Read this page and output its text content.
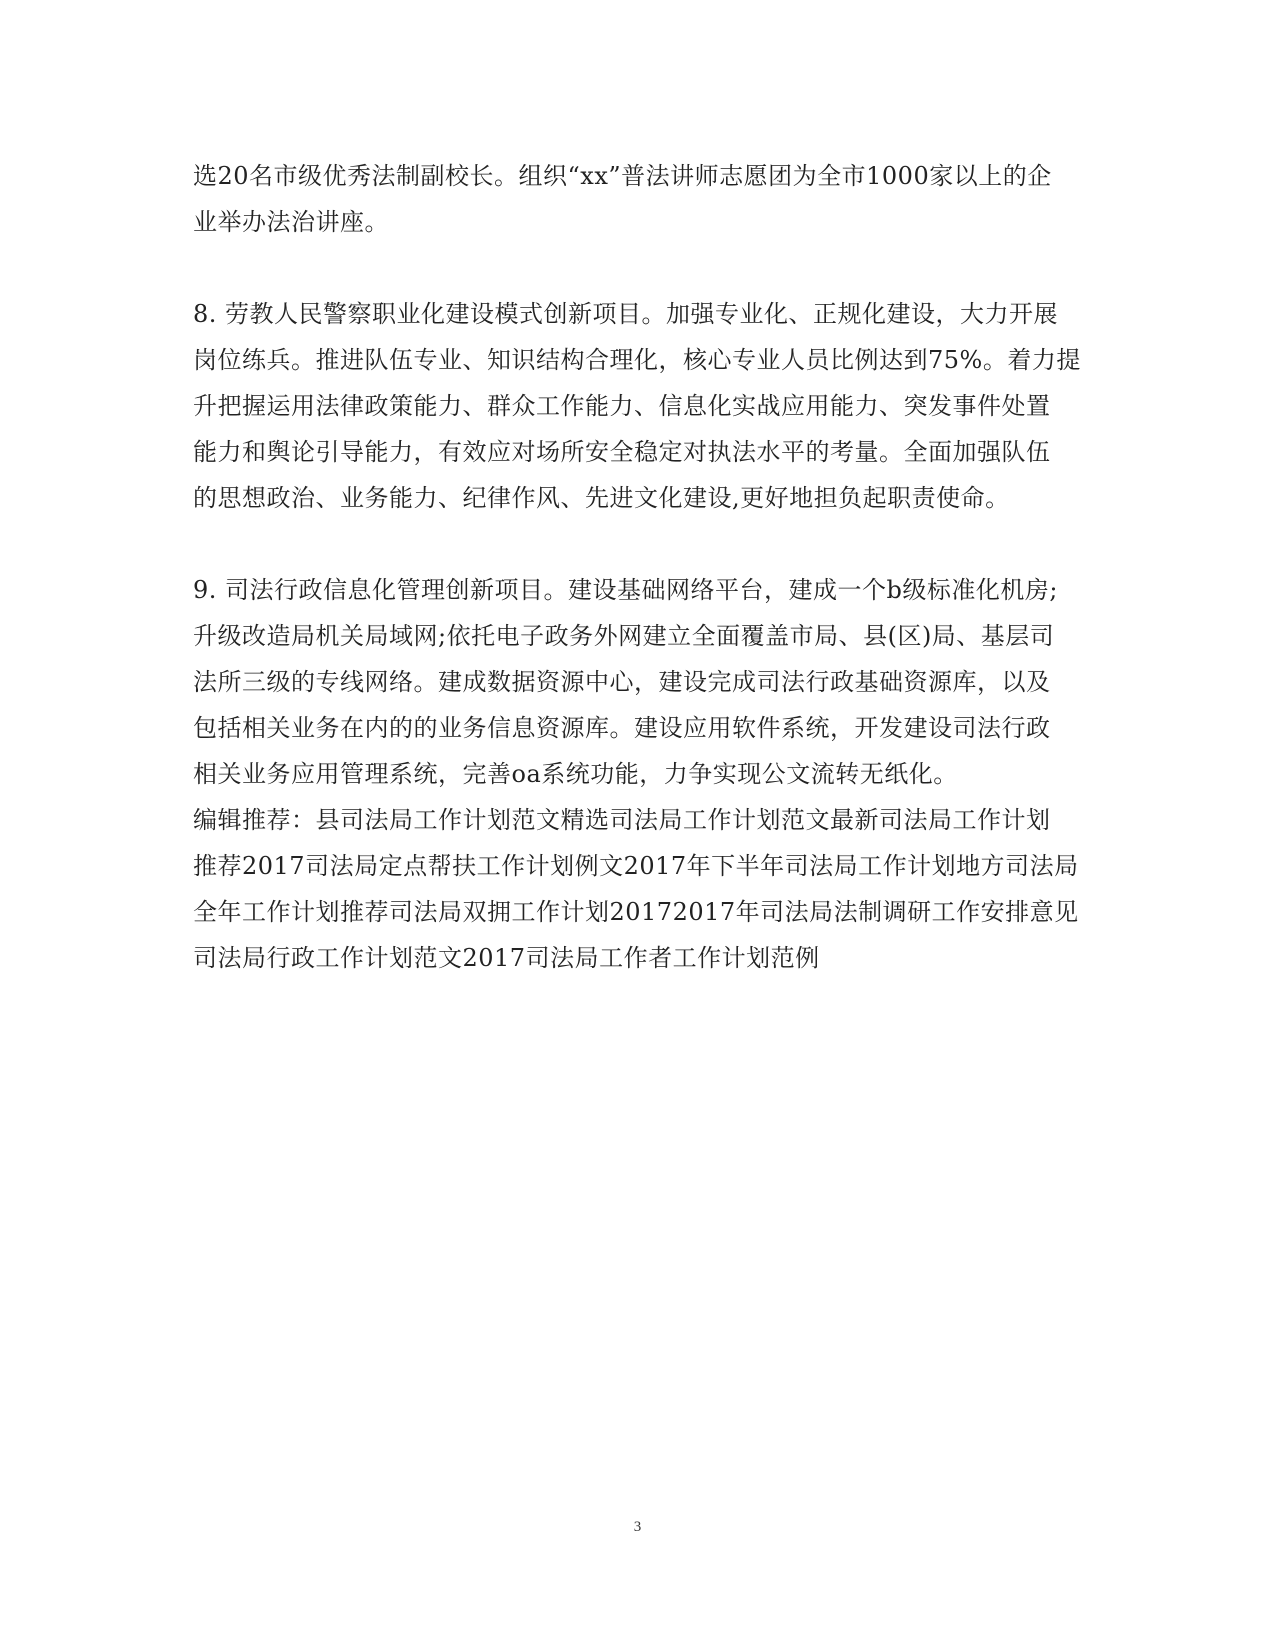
选20名市级优秀法制副校长。组织“xx”普法讲师志愿团为全市1000家以上的企
业举办法治讲座。
8. 劳教人民警察职业化建设模式创新项目。加强专业化、正规化建设，大力开展
岗位练兵。推进队伍专业、知识结构合理化，核心专业人员比例达到75%。着力提
升把握运用法律政策能力、群众工作能力、信息化实战应用能力、突发事件处置
能力和舆论引导能力，有效应对场所安全稳定对执法水平的考量。全面加强队伍
的思想政治、业务能力、纪律作风、先进文化建设,更好地担负起职责使命。
9. 司法行政信息化管理创新项目。建设基础网络平台，建成一个b级标准化机房;
升级改造局机关局域网;依托电子政务外网建立全面覆盖市局、县(区)局、基层司
法所三级的专线网络。建成数据资源中心，建设完成司法行政基础资源库，以及
包括相关业务在内的的业务信息资源库。建设应用软件系统，开发建设司法行政
相关业务应用管理系统，完善oa系统功能，力争实现公文流转无纸化。
编辑推荐：县司法局工作计划范文精选司法局工作计划范文最新司法局工作计划
推荐2017司法局定点帮扶工作计划例文2017年下半年司法局工作计划地方司法局
全年工作计划推荐司法局双拥工作计划20172017年司法局法制调研工作安排意见
司法局行政工作计划范文2017司法局工作者工作计划范例
3
